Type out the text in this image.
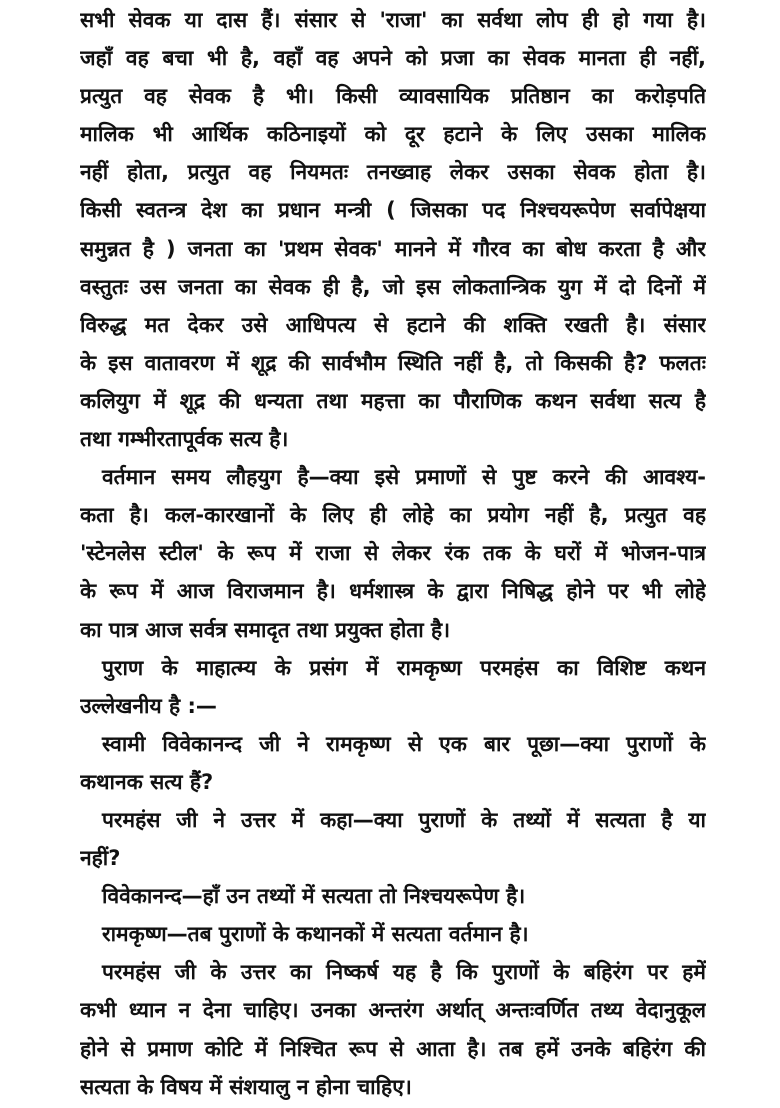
सभी सेवक या दास हैं। संसार से 'राजा' का सर्वथा लोप ही हो गया है।
जहाँ वह बचा भी है, वहाँ वह अपने को प्रजा का सेवक मानता ही नहीं,
प्रत्युत वह सेवक है भी। किसी व्यावसायिक प्रतिष्ठान का करोड़पति
मालिक भी आर्थिक कठिनाइयों को दूर हटाने के लिए उसका मालिक
नहीं होता, प्रत्युत वह नियमतः तनख्वाह लेकर उसका सेवक होता है।
किसी स्वतन्त्र देश का प्रधान मन्त्री ( जिसका पद निश्चयरूपेण सर्वापेक्षया
समुन्नत है ) जनता का 'प्रथम सेवक' मानने में गौरव का बोध करता है और
वस्तुतः उस जनता का सेवक ही है, जो इस लोकतान्त्रिक युग में दो दिनों में
विरुद्ध मत देकर उसे आधिपत्य से हटाने की शक्ति रखती है। संसार
के इस वातावरण में शूद्र की सार्वभौम स्थिति नहीं है, तो किसकी है? फलतः
कलियुग में शूद्र की धन्यता तथा महत्ता का पौराणिक कथन सर्वथा सत्य है
तथा गम्भीरतापूर्वक सत्य है।
वर्तमान समय लौहयुग है—क्या इसे प्रमाणों से पुष्ट करने की आवश्य-
कता है। कल-कारखानों के लिए ही लोहे का प्रयोग नहीं है, प्रत्युत वह
'स्टेनलेस स्टील' के रूप में राजा से लेकर रंक तक के घरों में भोजन-पात्र
के रूप में आज विराजमान है। धर्मशास्त्र के द्वारा निषिद्ध होने पर भी लोहे
का पात्र आज सर्वत्र समादृत तथा प्रयुक्त होता है।
पुराण के माहात्म्य के प्रसंग में रामकृष्ण परमहंस का विशिष्ट कथन
उल्लेखनीय है :—
स्वामी विवेकानन्द जी ने रामकृष्ण से एक बार पूछा—क्या पुराणों के
कथानक सत्य हैं?
परमहंस जी ने उत्तर में कहा—क्या पुराणों के तथ्यों में सत्यता है या
नहीं?
विवेकानन्द—हाँ उन तथ्यों में सत्यता तो निश्चयरूपेण है।
रामकृष्ण—तब पुराणों के कथानकों में सत्यता वर्तमान है।
परमहंस जी के उत्तर का निष्कर्ष यह है कि पुराणों के बहिरंग पर हमें
कभी ध्यान न देना चाहिए। उनका अन्तरंग अर्थात् अन्तःवर्णित तथ्य वेदानुकूल
होने से प्रमाण कोटि में निश्चित रूप से आता है। तब हमें उनके बहिरंग की
सत्यता के विषय में संशयालु न होना चाहिए।
